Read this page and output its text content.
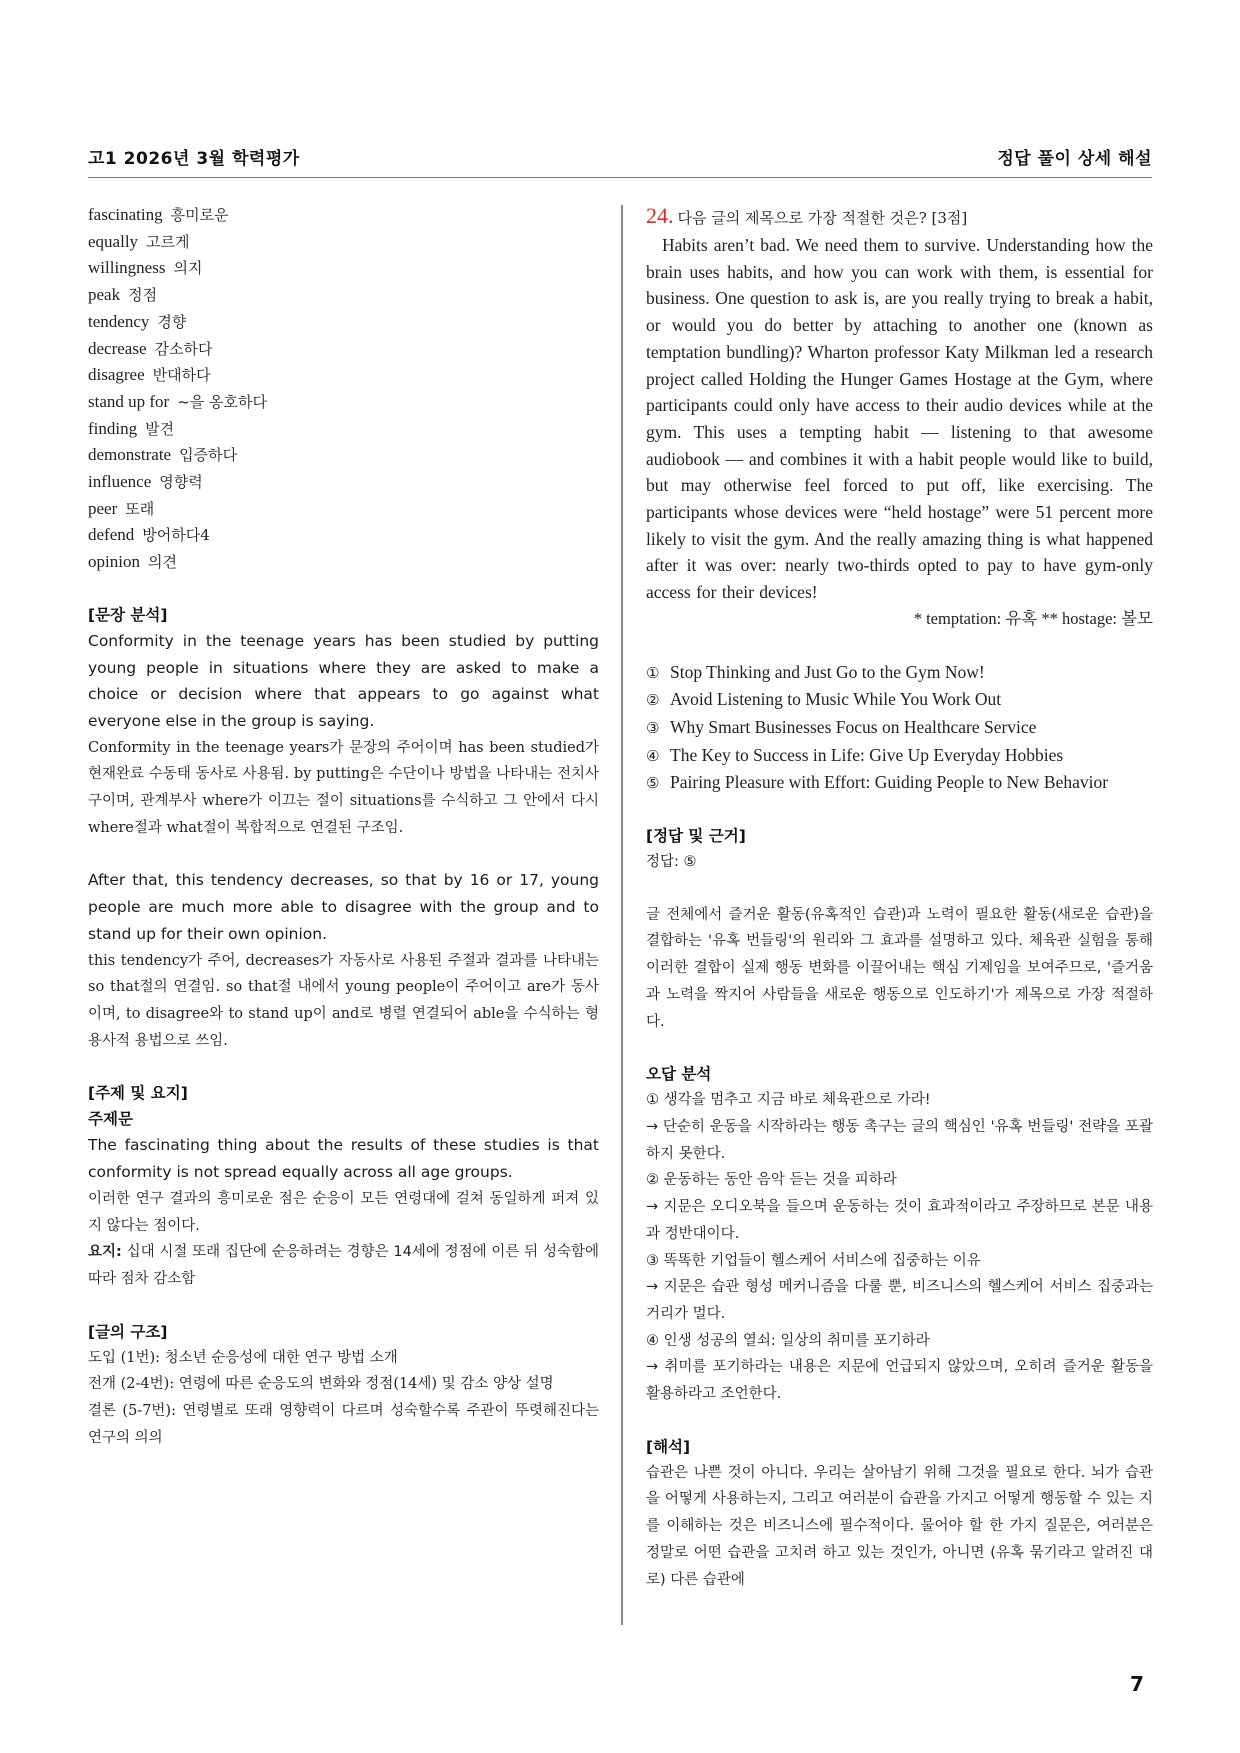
고1 2026년 3월 학력평가	정답 풀이 상세 해설
fascinating 흥미로운
equally 고르게
willingness 의지
peak 정점
tendency 경향
decrease 감소하다
disagree 반대하다
stand up for ~을 옹호하다
finding 발견
demonstrate 입증하다
influence 영향력
peer 또래
defend 방어하다4
opinion 의견
[문장 분석]

Conformity in the teenage years has been studied by putting young people in situations where they are asked to make a choice or decision where that appears to go against what everyone else in the group is saying.

Conformity in the teenage years가 문장의 주어이며 has been studied가 현재완료 수동태 동사로 사용됨. by putting은 수단이나 방법을 나타내는 전치사구이며, 관계부사 where가 이끄는 절이 situations를 수식하고 그 안에서 다시 where절과 what절이 복합적으로 연결된 구조임.

After that, this tendency decreases, so that by 16 or 17, young people are much more able to disagree with the group and to stand up for their own opinion.

this tendency가 주어, decreases가 자동사로 사용된 주절과 결과를 나타내는 so that절의 연결임. so that절 내에서 young people이 주어이고 are가 동사이며, to disagree와 to stand up이 and로 병렬 연결되어 able을 수식하는 형용사적 용법으로 쓰임.

[주제 및 요지]
주제문

The fascinating thing about the results of these studies is that conformity is not spread equally across all age groups.

이러한 연구 결과의 흥미로운 점은 순응이 모든 연령대에 걸쳐 동일하게 퍼져 있지 않다는 점이다.

요지: 십대 시절 또래 집단에 순응하려는 경향은 14세에 정점에 이른 뒤 성숙함에 따라 점차 감소함

[글의 구조]

도입 (1번): 청소년 순응성에 대한 연구 방법 소개

전개 (2-4번): 연령에 따른 순응도의 변화와 정점(14세) 및 감소 양상 설명

결론 (5-7번): 연령별로 또래 영향력이 다르며 성숙할수록 주관이 뚜렷해진다는 연구의 의의

24. 다음 글의 제목으로 가장 적절한 것은? [3점]

Habits aren’t bad. We need them to survive. Understanding how the brain uses habits, and how you can work with them, is essential for business. One question to ask is, are you really trying to break a habit, or would you do better by attaching to another one (known as temptation bundling)? Wharton professor Katy Milkman led a research project called Holding the Hunger Games Hostage at the Gym, where participants could only have access to their audio devices while at the gym. This uses a tempting habit — listening to that awesome audiobook — and combines it with a habit people would like to build, but may otherwise feel forced to put off, like exercising. The participants whose devices were “held hostage” were 51 percent more likely to visit the gym. And the really amazing thing is what happened after it was over: nearly two-thirds opted to pay to have gym-only access for their devices!

* temptation: 유혹 ** hostage: 볼모
① Stop Thinking and Just Go to the Gym Now!
② Avoid Listening to Music While You Work Out
③ Why Smart Businesses Focus on Healthcare Service
④ The Key to Success in Life: Give Up Everyday Hobbies
⑤ Pairing Pleasure with Effort: Guiding People to New Behavior
[정답 및 근거]
정답: ⑤

글 전체에서 즐거운 활동(유혹적인 습관)과 노력이 필요한 활동(새로운 습관)을 결합하는 '유혹 번들링'의 원리와 그 효과를 설명하고 있다. 체육관 실험을 통해 이러한 결합이 실제 행동 변화를 이끌어내는 핵심 기제임을 보여주므로, '즐거움과 노력을 짝지어 사람들을 새로운 행동으로 인도하기'가 제목으로 가장 적절하다.

오답 분석

① 생각을 멈추고 지금 바로 체육관으로 가라!

→ 단순히 운동을 시작하라는 행동 촉구는 글의 핵심인 '유혹 번들링' 전략을 포괄하지 못한다.

② 운동하는 동안 음악 듣는 것을 피하라

→ 지문은 오디오북을 들으며 운동하는 것이 효과적이라고 주장하므로 본문 내용과 정반대이다.

③ 똑똑한 기업들이 헬스케어 서비스에 집중하는 이유

→ 지문은 습관 형성 메커니즘을 다룰 뿐, 비즈니스의 헬스케어 서비스 집중과는 거리가 멀다.

④ 인생 성공의 열쇠: 일상의 취미를 포기하라

→ 취미를 포기하라는 내용은 지문에 언급되지 않았으며, 오히려 즐거운 활동을 활용하라고 조언한다.

[해석]

습관은 나쁜 것이 아니다. 우리는 살아남기 위해 그것을 필요로 한다. 뇌가 습관을 어떻게 사용하는지, 그리고 여러분이 습관을 가지고 어떻게 행동할 수 있는 지를 이해하는 것은 비즈니스에 필수적이다. 물어야 할 한 가지 질문은, 여러분은 정말로 어떤 습관을 고치려 하고 있는 것인가, 아니면 (유혹 묶기라고 알려진 대로) 다른 습관에

7
